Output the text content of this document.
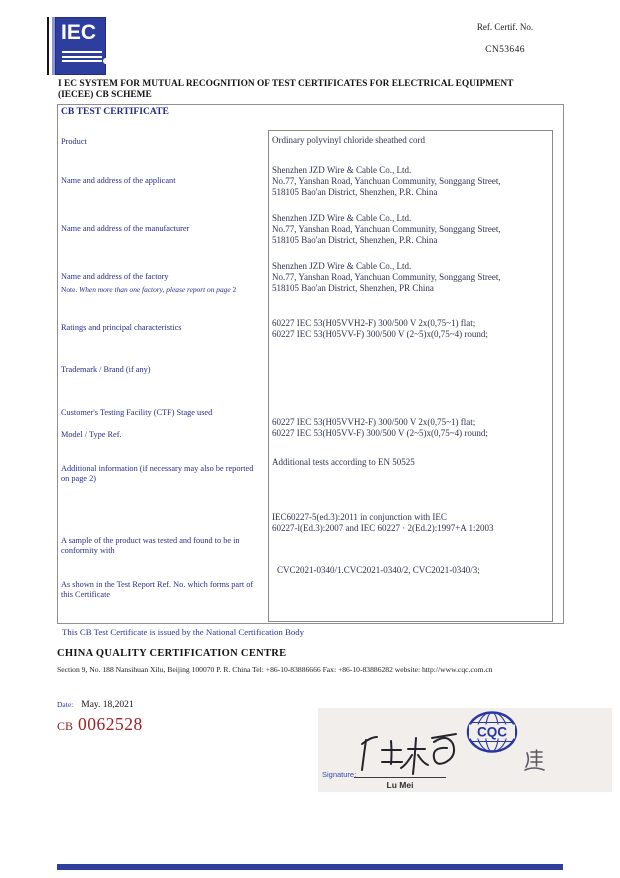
IEC	Ref. Certif. No.
CN53646
I EC SYSTEM FOR MUTUAL RECOGNITION OF TEST CERTIFICATES FOR ELECTRICAL EQUIPMENT
(IECEE) CB SCHEME
CB TEST CERTIFICATE
Product
Name and address of the applicant
Name and address of the manufacturer
Name and address of the factory
Note. When more than one factory, please report on page 2
Ratings and principal characteristics
Trademark / Brand (if any)
Customer's Testing Facility (CTF) Stage used
Model / Type Ref.
Additional information (if necessary may also be reported on page 2)
A sample of the product was tested and found to be in conformity with
As shown in the Test Report Ref. No. which forms part of this Certificate
Ordinary polyvinyl chloride sheathed cord
Shenzhen JZD Wire & Cable Co., Ltd.
No.77, Yanshan Road, Yanchuan Community, Songgang Street,
518105 Bao'an District, Shenzhen, P.R. China
Shenzhen JZD Wire & Cable Co., Ltd.
No.77, Yanshan Road, Yanchuan Community, Songgang Street,
518105 Bao'an District, Shenzhen, P.R. China
Shenzhen JZD Wire & Cable Co., Ltd.
No.77, Yanshan Road, Yanchuan Community, Songgang Street,
518105 Bao'an District, Shenzhen, PR China
60227 IEC 53(H05VVH2-F) 300/500 V 2x(0,75~1) flat;
60227 IEC 53(H05VV-F) 300/500 V (2~5)x(0,75~4) round;
60227 IEC 53(H05VVH2-F) 300/500 V 2x(0,75~1) flat;
60227 IEC 53(H05VV-F) 300/500 V (2~5)x(0,75~4) round;
Additional tests according to EN 50525
IEC60227-5(ed.3):2011 in conjunction with IEC
60227-l(Ed.3):2007 and IEC 60227 · 2(Ed.2):1997+A 1:2003
CVC2021-0340/1.CVC2021-0340/2, CVC2021-0340/3;
This CB Test Certificate is issued by the National Certification Body
CHINA QUALITY CERTIFICATION CENTRE
Section 9, No. 188 Nansihuan Xilu, Beijing 100070 P. R. China Tel: +86-10-83886666 Fax: +86-10-83886282 website: http://www.cqc.com.cn
Date: May. 18,2021
CB 0062528	CQC
Signature:
Lu Mei
